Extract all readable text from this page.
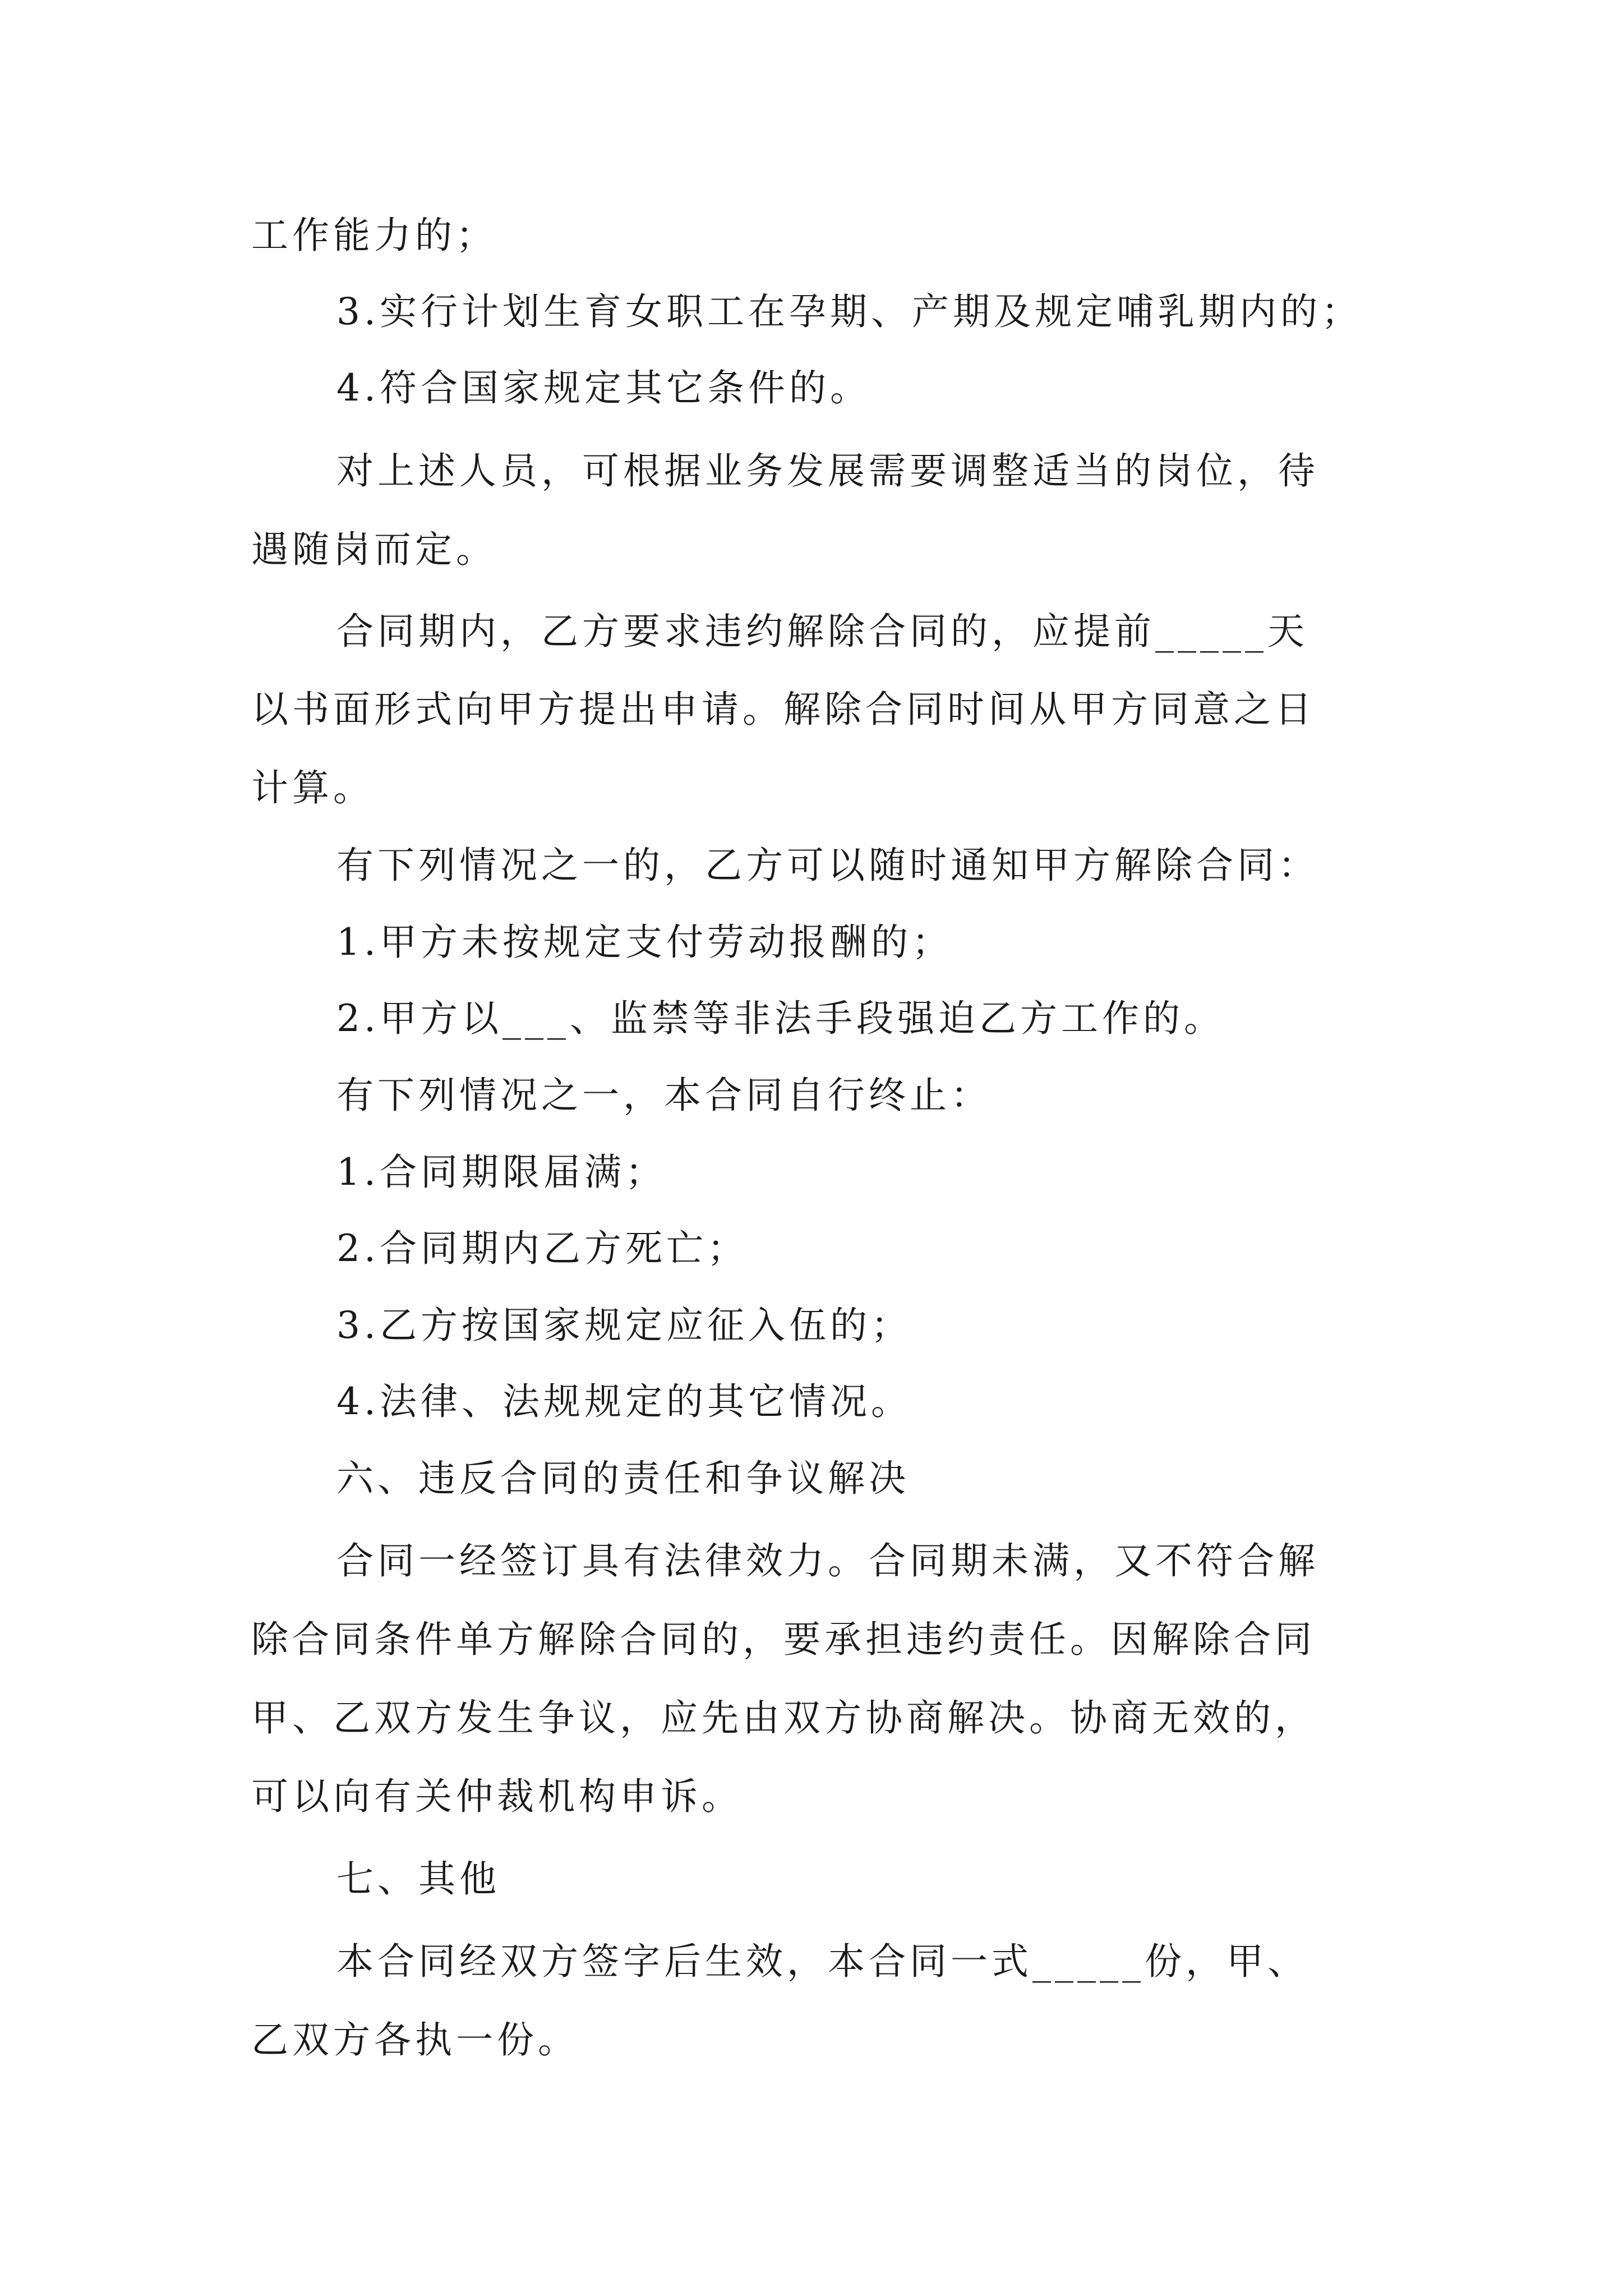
工作能力的；
3.实行计划生育女职工在孕期、产期及规定哺乳期内的；
4.符合国家规定其它条件的。
对上述人员，可根据业务发展需要调整适当的岗位，待
遇随岗而定。
合同期内，乙方要求违约解除合同的，应提前_____天
以书面形式向甲方提出申请。解除合同时间从甲方同意之日
计算。
有下列情况之一的，乙方可以随时通知甲方解除合同：
1.甲方未按规定支付劳动报酬的；
2.甲方以___、监禁等非法手段强迫乙方工作的。
有下列情况之一，本合同自行终止：
1.合同期限届满；
2.合同期内乙方死亡；
3.乙方按国家规定应征入伍的；
4.法律、法规规定的其它情况。
六、违反合同的责任和争议解决
合同一经签订具有法律效力。合同期未满，又不符合解
除合同条件单方解除合同的，要承担违约责任。因解除合同
甲、乙双方发生争议，应先由双方协商解决。协商无效的，
可以向有关仲裁机构申诉。
七、其他
本合同经双方签字后生效，本合同一式_____份，甲、
乙双方各执一份。
